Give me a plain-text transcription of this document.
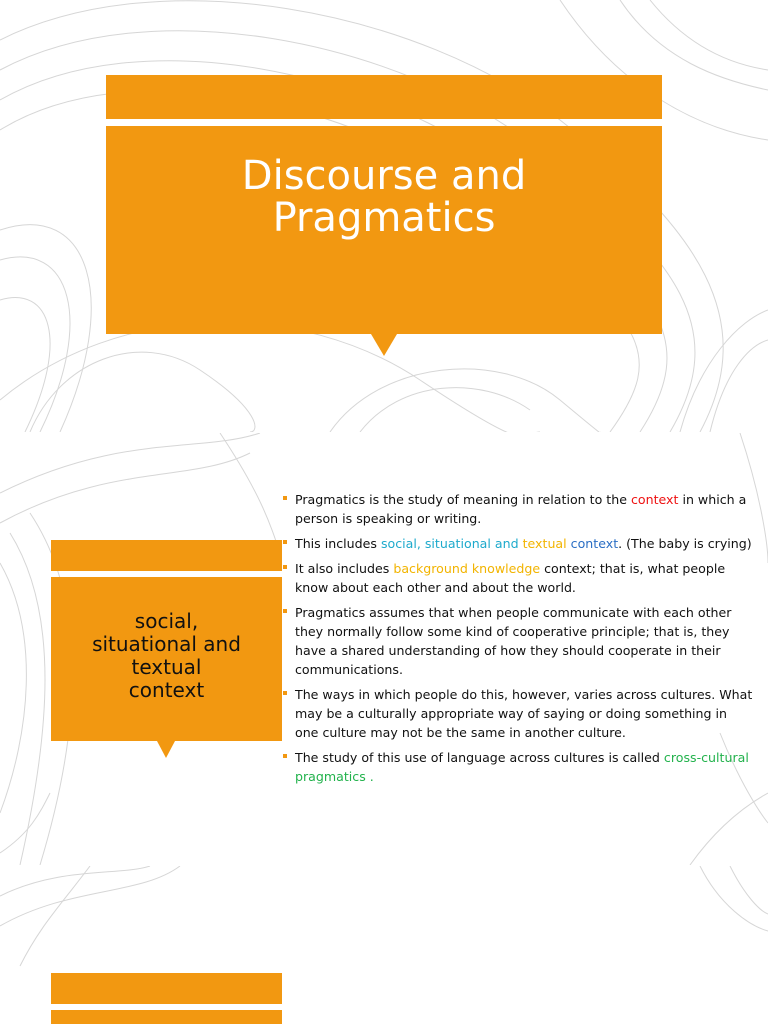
Discourse and
Pragmatics
social,
situational and
textual
context
Pragmatics is the study of meaning in relation to the context in which a person is speaking or writing.
This includes social, situational and textual context. (The baby is crying)
It also includes background knowledge context; that is, what people know about each other and about the world.
Pragmatics assumes that when people communicate with each other they normally follow some kind of cooperative principle; that is, they have a shared understanding of how they should cooperate in their communications.
The ways in which people do this, however, varies across cultures. What may be a culturally appropriate way of saying or doing something in one culture may not be the same in another culture.
The study of this use of language across cultures is called cross-cultural pragmatics .
